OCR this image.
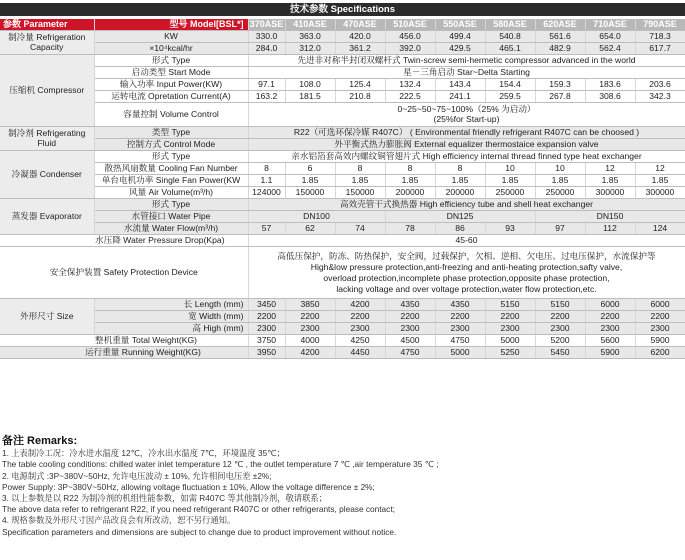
技术参数 Specifications
参数 Parameter	型号 Model[BSL*]	370ASE	410ASE	470ASE	510ASE	550ASE	580ASE	620ASE	710ASE	790ASE
制冷量 Refrigeration Capacity	KW	330.0	363.0	420.0	456.0	499.4	540.8	561.6	654.0	718.3
	×10⁴kcal/hr	284.0	312.0	361.2	392.0	429.5	465.1	482.9	562.4	617.7
压缩机 Compressor	形式 Type	先进非对称半封闭双螺杆式 Twin-screw semi-hermetic compressor advanced in the world								
	启动类型 Start Mode	星－三角启动 Star~Delta Starting								
	输入功率 Input Power(KW)	97.1	108.0	125.4	132.4	143.4	154.4	159.3	183.6	203.6
	运转电流 Opretation Current(A)	163.2	181.5	210.8	222.5	241.1	259.5	267.8	308.6	342.3
	容量控制 Volume Control	0~25~50~75~100%（25% 为启动）
(25%for Start-up)								

制冷剂 Refrigerating Fluid	类型 Type	R22（可选环保冷媒 R407C） ( Environmental friendly refrigerant R407C can be choosed )								
	控制方式 Control Mode	外平衡式热力膨胀阀 External equalizer thermostaice expansion valve								
冷凝器 Condenser	形式 Type	亲水铝箔套高效内螺纹铜管翅片式 High efficiency internal thread finned type heat exchanger								
	散热风扇数量 Cooling Fan Number	8	6	8	8	8	10	10	12	12
	单台电机功率 Single Fan Power(KW	1.1	1.85	1.85	1.85	1.85	1.85	1.85	1.85	1.85
	风量 Air Volume(m³/h)	124000	150000	150000	200000	200000	250000	250000	300000	300000
蒸发器 Evaporator	形式 Type	高效壳管干式换热器 High efficiency tube and shell heat exchanger								
	水管接口 Water Pipe	DN100			DN125			DN150		
	水流量 Water Flow(m³/h)	57	62	74	78	86	93	97	112	124
水压降 Water Pressure Drop(Kpa)		45-60								
安全保护装置 Safety Protection Device		高低压保护，防冻、防热保护，安全阀，过载保护，欠相、逆相、欠电压、过电压保护，水流保护等
High&low pressure protection,anti-freezing and anti-heating protection,safty valve,
overload protection,incomplete phase protection,opposite phase protection,
lacking voltage and over voltage protection,water flow protection,etc.								

外形尺寸 Size	长 Length (mm)	3450	3850	4200	4350	4350	5150	5150	6000	6000
	宽 Width (mm)	2200	2200	2200	2200	2200	2200	2200	2200	2200
	高 High (mm)	2300	2300	2300	2300	2300	2300	2300	2300	2300
整机重量 Total Weight(KG)		3750	4000	4250	4500	4750	5000	5200	5600	5900
运行重量 Running Weight(KG)		3950	4200	4450	4750	5000	5250	5450	5900	6200
备注 Remarks:
1. 上表制冷工况：冷水进水温度 12℃，冷水出水温度 7℃，环境温度 35℃；
The table cooling conditions: chilled water inlet temperature 12 ℃ , the outlet temperature 7 ℃ ,air temperature 35 ℃ ;
2. 电源制式 :3P~380V~50Hz, 允许电压波动 ± 10%, 允许相间电压差 ±2%;
Power Supply: 3P~380V~50Hz, allowing voltage fluctuation ± 10%, Allow the voltage difference ± 2%;
3. 以上参数是以 R22 为制冷剂的机组性能参数，如需 R407C 等其他制冷剂，敬请联系；
The above data refer to refrigerant R22, if you need refrigerant R407C or other refrigerants, please contact;
4. 规格参数及外形尺寸因产品改良会有所改动，恕不另行通知。
Specification parameters and dimensions are subject to change due to product improvement without notice.
